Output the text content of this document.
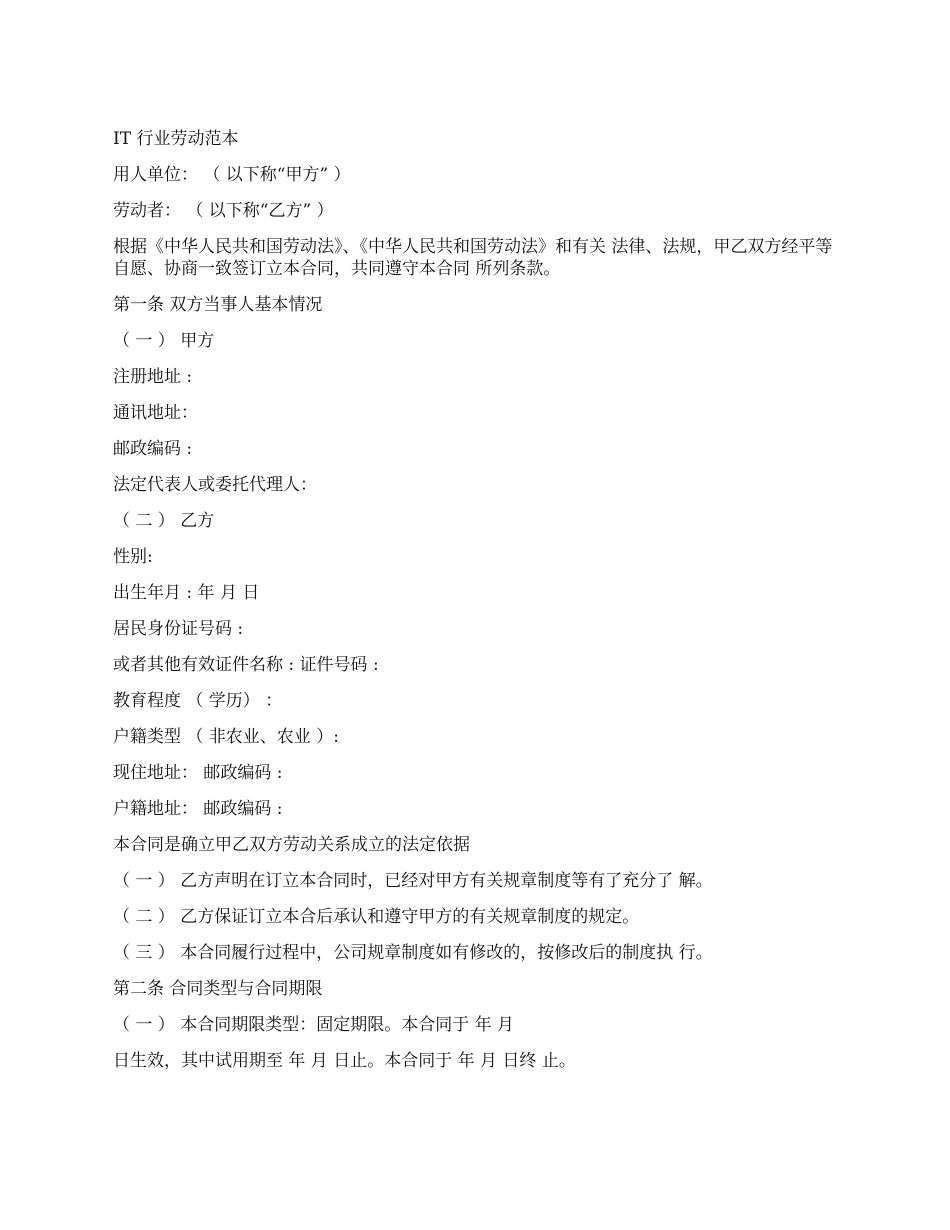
IT 行业劳动范本
用人单位： （ 以下称“甲方” ）
劳动者： （ 以下称“乙方” ）
根据《中华人民共和国劳动法》、《中华人民共和国劳动法》和有关 法律、法规，甲乙双方经平等自愿、协商一致签订立本合同，共同遵守本合同 所列条款。
第一条 双方当事人基本情况
（ 一 ） 甲方
注册地址 :
通讯地址：
邮政编码 :
法定代表人或委托代理人：
（ 二 ） 乙方
性别:
出生年月 : 年 月 日
居民身份证号码 :
或者其他有效证件名称 : 证件号码 :
教育程度 （ 学历） ：
户籍类型 （ 非农业、农业 ）:
现住地址： 邮政编码 :
户籍地址： 邮政编码 :
本合同是确立甲乙双方劳动关系成立的法定依据
（ 一 ） 乙方声明在订立本合同时，已经对甲方有关规章制度等有了充分了 解。
（ 二 ） 乙方保证订立本合后承认和遵守甲方的有关规章制度的规定。
（ 三 ） 本合同履行过程中，公司规章制度如有修改的，按修改后的制度执 行。
第二条 合同类型与合同期限
（ 一 ） 本合同期限类型：固定期限。本合同于 年 月
日生效，其中试用期至 年 月 日止。本合同于 年 月 日终 止。
